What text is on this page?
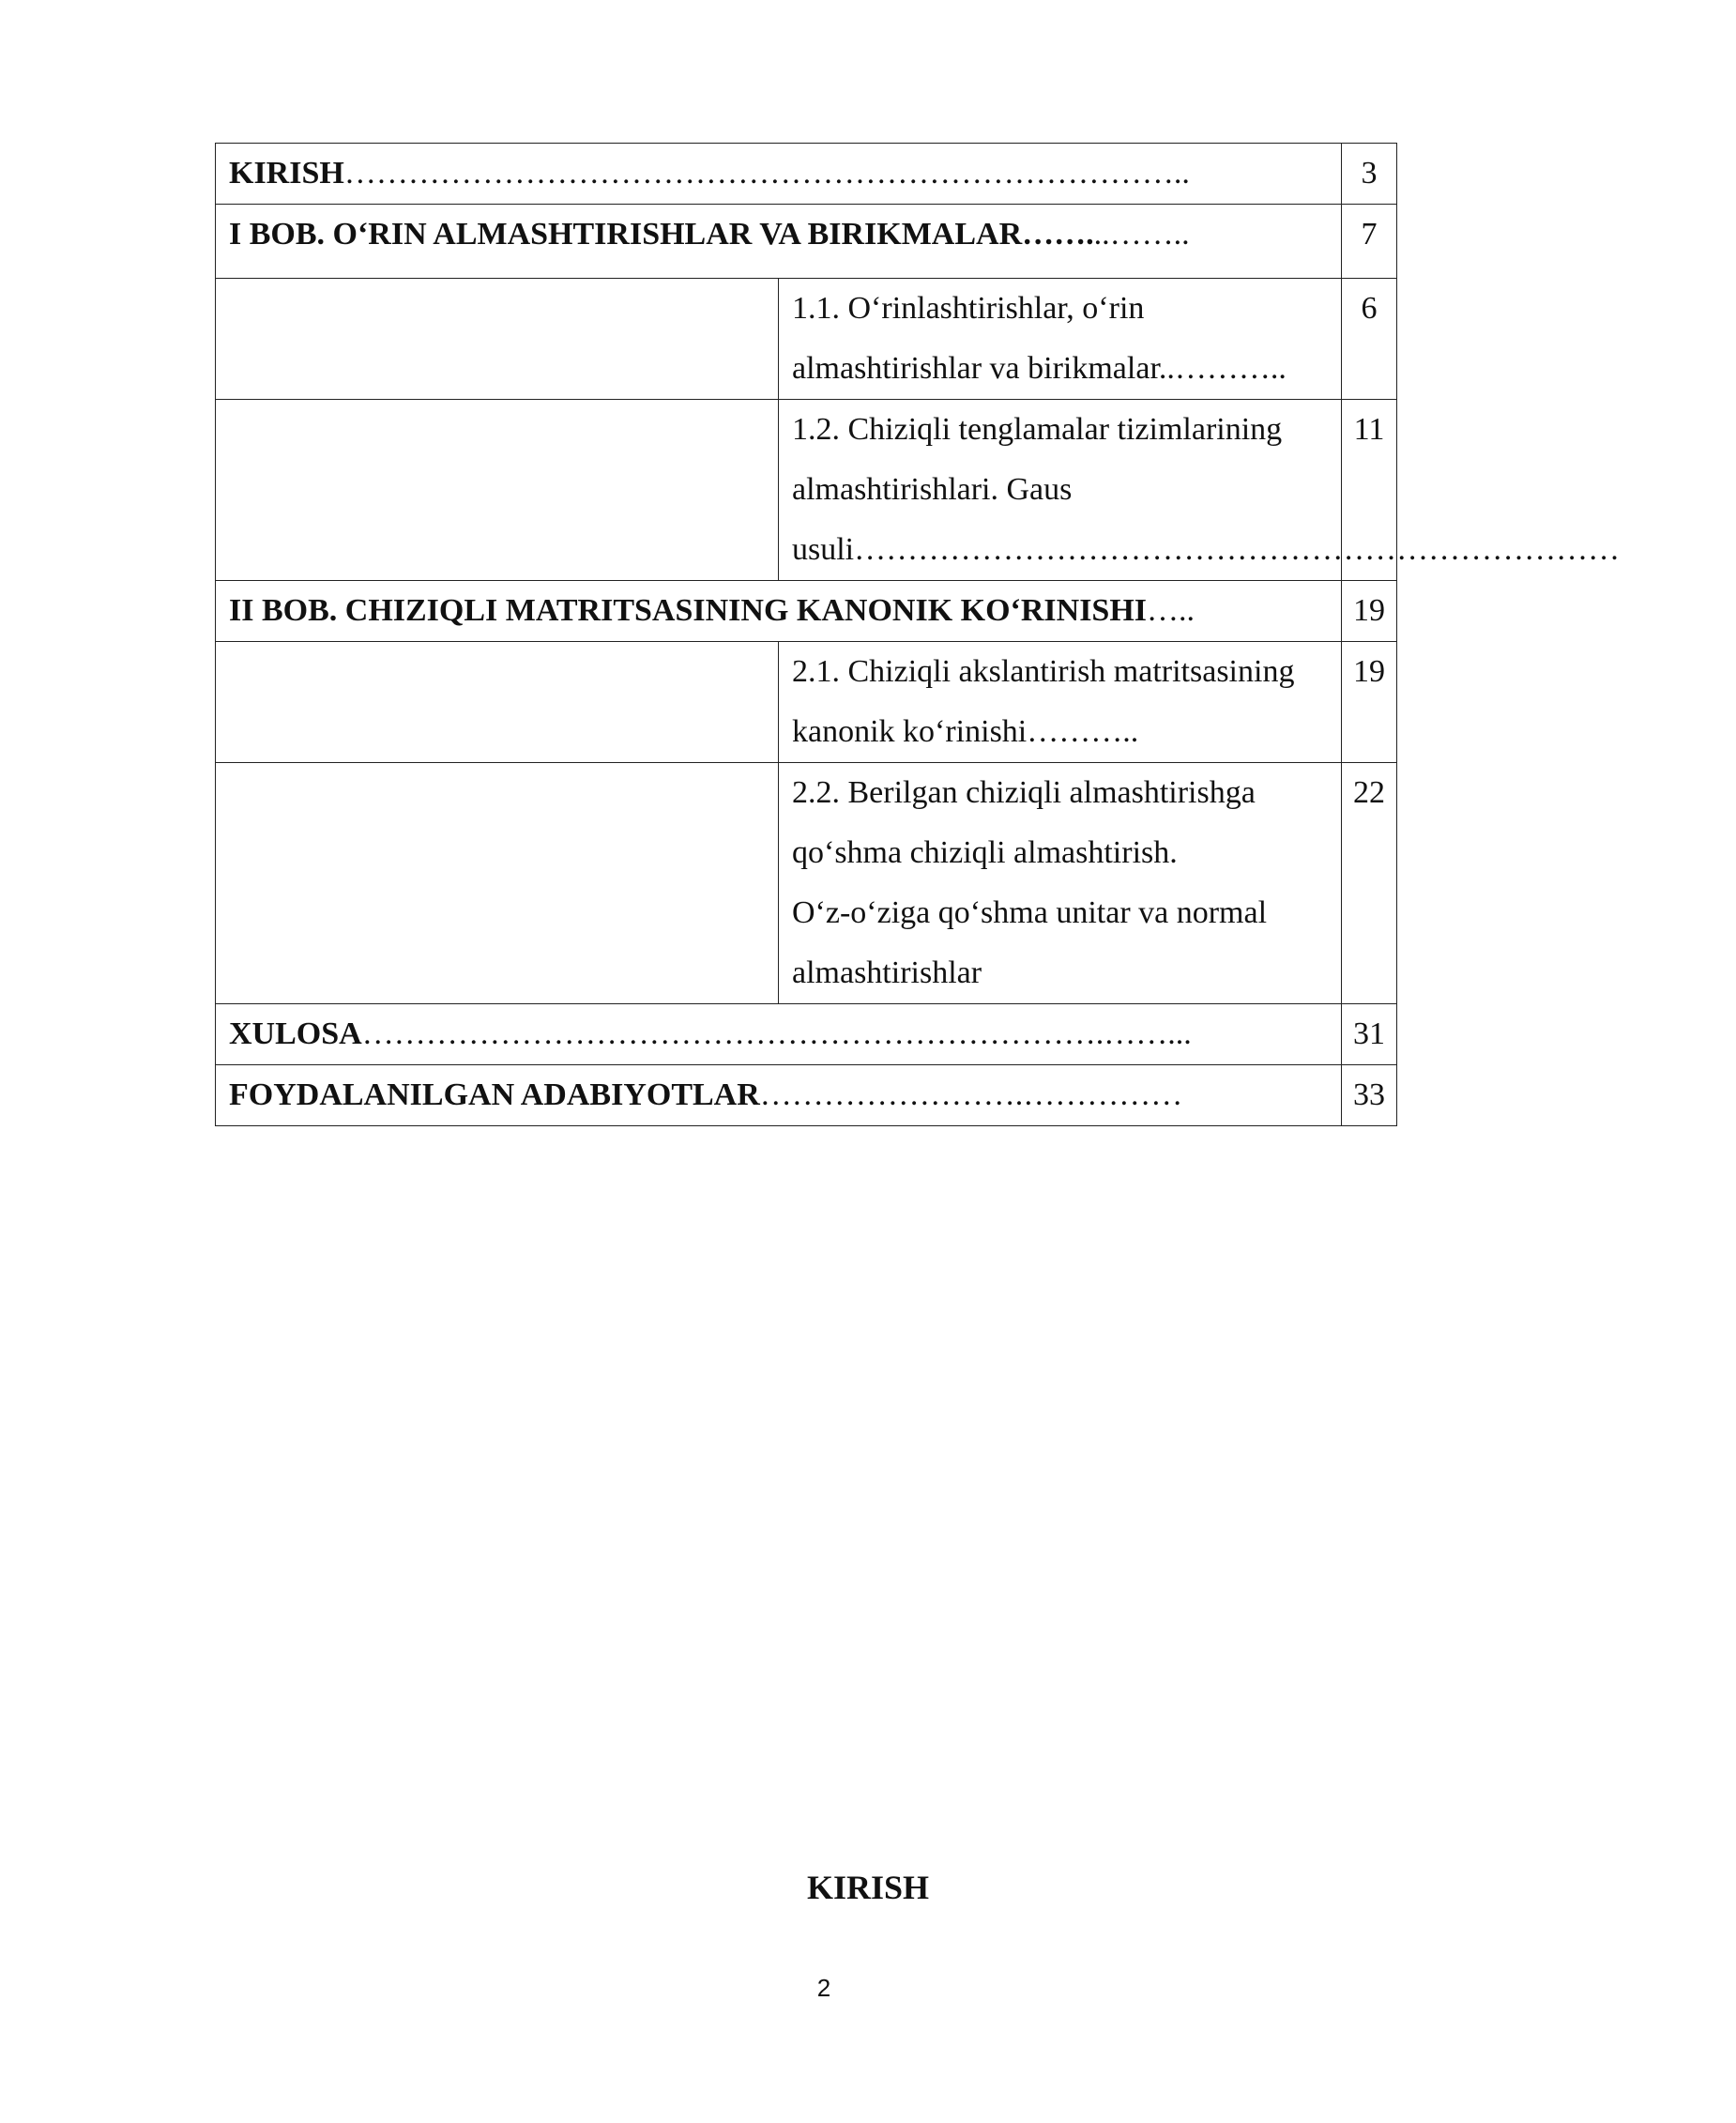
KIRISH……………………………………………………………………..		3
I BOB. O‘RIN ALMASHTIRISHLAR VA BIRIKMALAR……...……..		7
	1.1. O‘rinlashtirishlar, o‘rin almashtirishlar va birikmalar..………..	6

	1.2. Chiziqli tenglamalar tizimlarining almashtirishlari. Gaus
usuli………………………………………………………………	11
II BOB. CHIZIQLI MATRITSASINING KANONIK KO‘RINISHI…..		19
	2.1. Chiziqli akslantirish matritsasining kanonik ko‘rinishi………..	19

	2.2. Berilgan chiziqli almashtirishga qo‘shma chiziqli almashtirish.
O‘z-o‘ziga qo‘shma unitar va normal almashtirishlar	22
XULOSA…………………………………………………………….……...		31
FOYDALANILGAN ADABIYOTLAR…………………….……………		33
KIRISH
2
